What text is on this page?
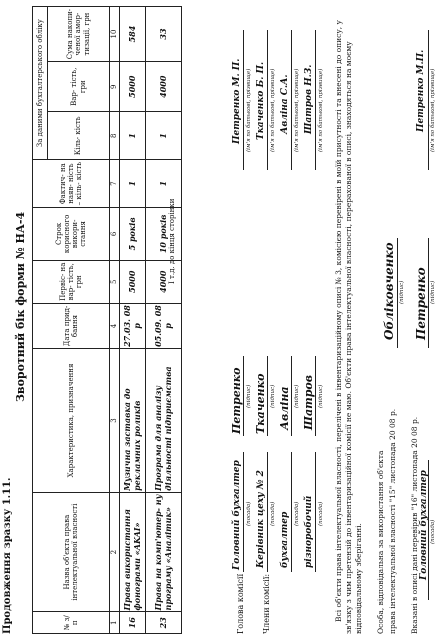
Продовження зразку 1.11.
Зворотний бік форми № НА-4
№ з/п	Назва об'єкта права інтелектуальної власності	Характеристика, призначення	Дата прид- бання	Первіс- на вар- тість, грн	Строк корисного викори- стання	Фактич- на наяв- ність – кіль- кість	За даними бухгалтерського обліку		
							Кіль- кість	Вар- тість, гри	Сума накопи- ченої амор- тизації, грн
1	2	3	4	5	6	7	8	9	10
16	Права використання фонограми «AKAI»	Музична заставка до рекламних роликів	27.03. 08 р	5000	5 років	1	1	5000	584
23	Права на комп'ютер- ну програму «Аналітик»	Програма для аналізу діяльності підприємства	05.09. 08 р	4000	10 років	1	1	4000	33
І т.д. до кінця сторінки
Голова комісії
Головний бухгалтер (посада)
Петренко (підпис)
Петренко М. П. (ім'я по батькові, прізвище)
Члени комісії:
Керівник цеху № 2 (посада)
Ткаченко (підпис)
Ткаченко Б. П. (ім'я по батькові, прізвище)
бухгалтер (посада)
Авліна (підпис)
Авліна С.А. (ім'я по батькові, прізвище)
різноробочий (посада)
Шатров (підпис)
Шатров Н.З. (ім'я по батькові, прізвище) Всі об'єкти права інтелектуальної власності, перелічені в інвентаризаційному описі № 3, комісією перевірені в моїй присутності та внесені до опису, у зв'язку з чим претензій до інвентаризаційної комісії не маю. Об'єкти права інтелектуальної власності, перерахованої в описі, знаходяться на моєму відповідальному зберіганні. Особа, відповідальна за використання об'єкта права інтелектуальної власності "15" листопада 20 08 р.
Обліковченко (підпис)
Вказані в описі дані перевірив "16" листопада 20 08 р. Головний бухгалтер (посада)
Петренко (підпис)
Петренко М.П. (ім'я по батькові, прізвище)
